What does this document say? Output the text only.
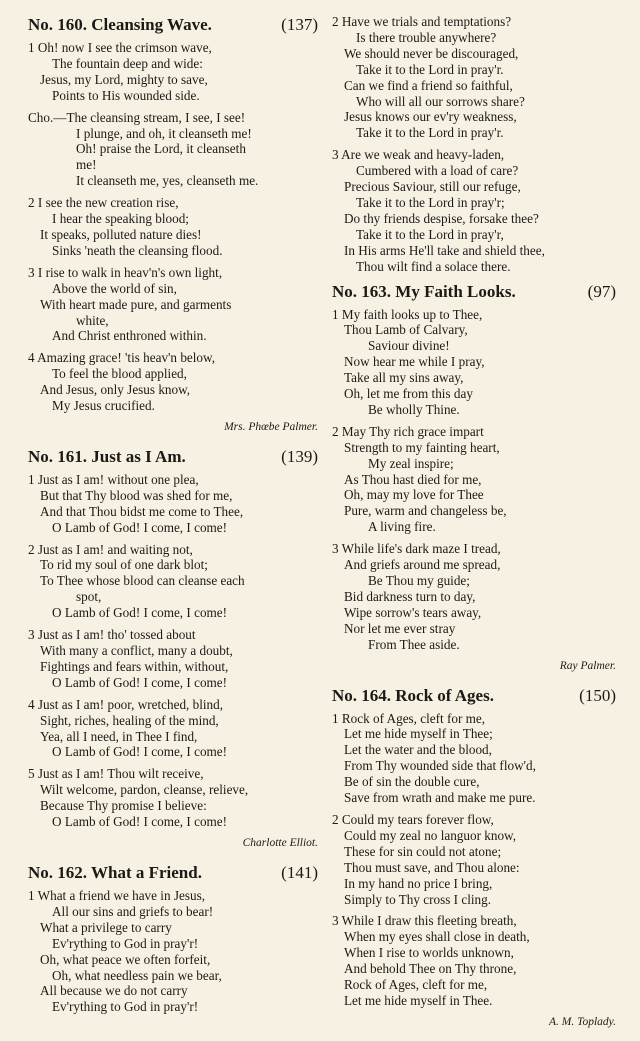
No. 160. Cleansing Wave.	(137)
1 Oh! now I see the crimson wave,
The fountain deep and wide:
Jesus, my Lord, mighty to save,
Points to His wounded side.
Cho.—The cleansing stream, I see, I see!
I plunge, and oh, it cleanseth me!
Oh! praise the Lord, it cleanseth
me!
It cleanseth me, yes, cleanseth me.
2 I see the new creation rise,
I hear the speaking blood;
It speaks, polluted nature dies!
Sinks 'neath the cleansing flood.
3 I rise to walk in heav'n's own light,
Above the world of sin,
With heart made pure, and garments
white,
And Christ enthroned within.
4 Amazing grace! 'tis heav'n below,
To feel the blood applied,
And Jesus, only Jesus know,
My Jesus crucified.
Mrs. Phœbe Palmer.
No. 161. Just as I Am.	(139)
1 Just as I am! without one plea,
But that Thy blood was shed for me,
And that Thou bidst me come to Thee,
O Lamb of God! I come, I come!
2 Just as I am! and waiting not,
To rid my soul of one dark blot;
To Thee whose blood can cleanse each
spot,
O Lamb of God! I come, I come!
3 Just as I am! tho' tossed about
With many a conflict, many a doubt,
Fightings and fears within, without,
O Lamb of God! I come, I come!
4 Just as I am! poor, wretched, blind,
Sight, riches, healing of the mind,
Yea, all I need, in Thee I find,
O Lamb of God! I come, I come!
5 Just as I am! Thou wilt receive,
Wilt welcome, pardon, cleanse, relieve,
Because Thy promise I believe:
O Lamb of God! I come, I come!
Charlotte Elliot.
No. 162. What a Friend.	(141)
1 What a friend we have in Jesus,
All our sins and griefs to bear!
What a privilege to carry
Ev'rything to God in pray'r!
Oh, what peace we often forfeit,
Oh, what needless pain we bear,
All because we do not carry
Ev'rything to God in pray'r!
2 Have we trials and temptations?
Is there trouble anywhere?
We should never be discouraged,
Take it to the Lord in pray'r.
Can we find a friend so faithful,
Who will all our sorrows share?
Jesus knows our ev'ry weakness,
Take it to the Lord in pray'r.
3 Are we weak and heavy-laden,
Cumbered with a load of care?
Precious Saviour, still our refuge,
Take it to the Lord in pray'r;
Do thy friends despise, forsake thee?
Take it to the Lord in pray'r,
In His arms He'll take and shield thee,
Thou wilt find a solace there.
No. 163. My Faith Looks.	(97)
1 My faith looks up to Thee,
Thou Lamb of Calvary,
Saviour divine!
Now hear me while I pray,
Take all my sins away,
Oh, let me from this day
Be wholly Thine.
2 May Thy rich grace impart
Strength to my fainting heart,
My zeal inspire;
As Thou hast died for me,
Oh, may my love for Thee
Pure, warm and changeless be,
A living fire.
3 While life's dark maze I tread,
And griefs around me spread,
Be Thou my guide;
Bid darkness turn to day,
Wipe sorrow's tears away,
Nor let me ever stray
From Thee aside.
Ray Palmer.
No. 164. Rock of Ages.	(150)
1 Rock of Ages, cleft for me,
Let me hide myself in Thee;
Let the water and the blood,
From Thy wounded side that flow'd,
Be of sin the double cure,
Save from wrath and make me pure.
2 Could my tears forever flow,
Could my zeal no languor know,
These for sin could not atone;
Thou must save, and Thou alone:
In my hand no price I bring,
Simply to Thy cross I cling.
3 While I draw this fleeting breath,
When my eyes shall close in death,
When I rise to worlds unknown,
And behold Thee on Thy throne,
Rock of Ages, cleft for me,
Let me hide myself in Thee.
A. M. Toplady.
